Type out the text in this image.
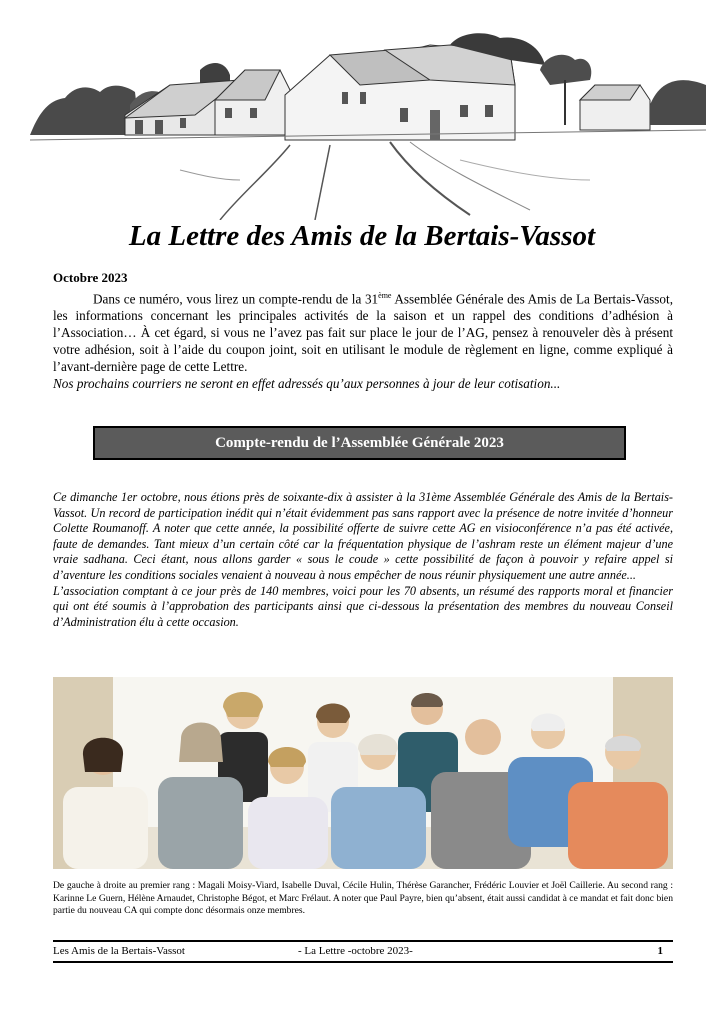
La Lettre des Amis de la Bertais-Vassot
Octobre 2023

Dans ce numéro, vous lirez un compte-rendu de la 31ème Assemblée Générale des Amis de La Bertais-Vassot, les informations concernant les principales activités de la saison et un rappel des conditions d’adhésion à l’Association… À cet égard, si vous ne l’avez pas fait sur place le jour de l’AG, pensez à renouveler dès à présent votre adhésion, soit à l’aide du coupon joint, soit en utilisant le module de règlement en ligne, comme expliqué à l’avant-dernière page de cette Lettre.

Nos prochains courriers ne seront en effet adressés qu’aux personnes à jour de leur cotisation...

Compte-rendu de l’Assemblée Générale 2023

Ce dimanche 1er octobre, nous étions près de soixante-dix à assister à la 31ème Assemblée Générale des Amis de la Bertais-Vassot. Un record de participation inédit qui n’était évidemment pas sans rapport avec la présence de notre invitée d’honneur Colette Roumanoff. A noter que cette année, la possibilité offerte de suivre cette AG en visioconférence n’a pas été activée, faute de demandes. Tant mieux d’un certain côté car la fréquentation physique de l’ashram reste un élément majeur d’une vraie sadhana. Ceci étant, nous allons garder « sous le coude » cette possibilité de façon à pouvoir y refaire appel si d’aventure les conditions sociales venaient à nouveau à nous empêcher de nous réunir physiquement une autre année...

L’association comptant à ce jour près de 140 membres, voici pour les 70 absents, un résumé des rapports moral et financier qui ont été soumis à l’approbation des participants ainsi que ci-dessous la présentation des membres du nouveau Conseil d’Administration élu à cette occasion.

De gauche à droite au premier rang : Magali Moisy-Viard, Isabelle Duval, Cécile Hulin, Thérèse Garancher, Frédéric Louvier et Joël Caillerie. Au second rang : Karinne Le Guern, Hélène Arnaudet, Christophe Bégot, et Marc Frélaut. A noter que Paul Payre, bien qu’absent, était aussi candidat à ce mandat et fait donc bien partie du nouveau CA qui compte donc désormais onze membres.
Les Amis de la Bertais-Vassot	- La Lettre -octobre 2023-	1
